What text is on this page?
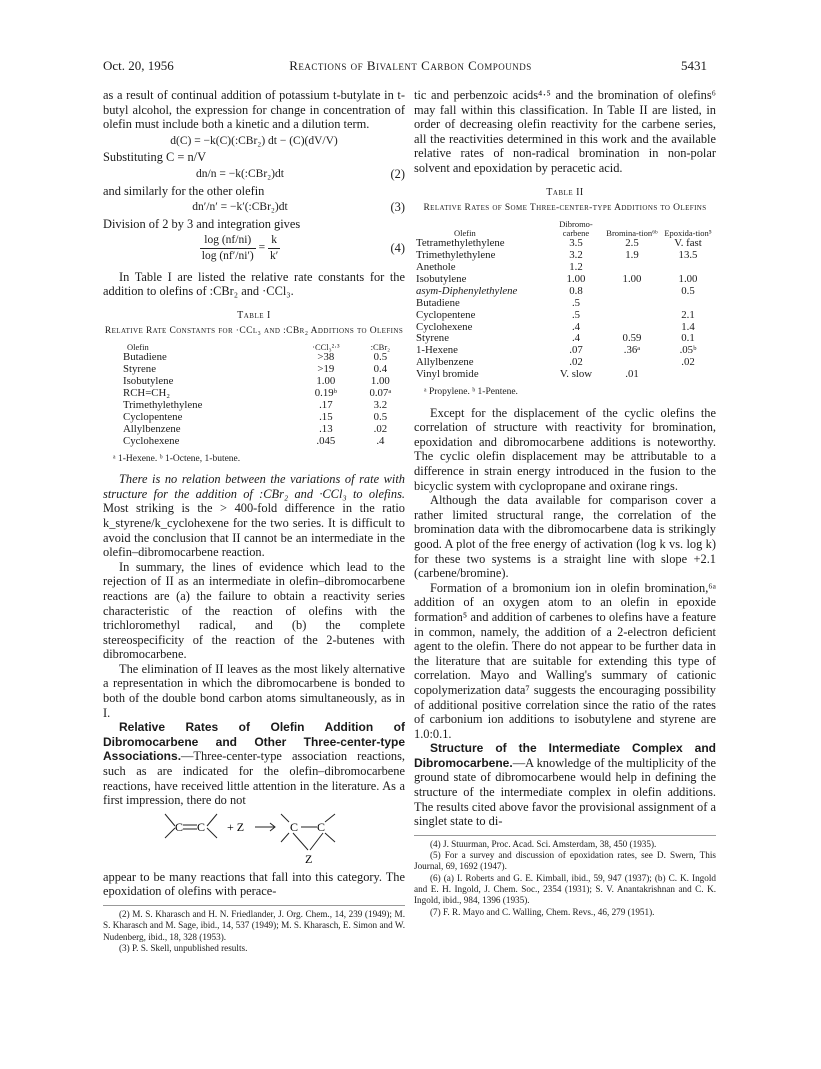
Oct. 20, 1956	Reactions of Bivalent Carbon Compounds	5431

as a result of continual addition of potassium t-butylate in t-butyl alcohol, the expression for change in concentration of olefin must include both a kinetic and a dilution term.

d(C) = −k(C)(:CBr₂) dt − (C)(dV/V)

Substituting C = n/V

dn/n = −k(:CBr₂)dt	(2)

and similarly for the other olefin

dn′/n′ = −k′(:CBr₂)dt	(3)

Division of 2 by 3 and integration gives

$\frac{\log (nf/ni)}{\log (nf'/ni')} = \frac{k}{k'}$	(4)

In Table I are listed the relative rate constants for the addition to olefins of :CBr₂ and ·CCl₃.

Table I
Relative Rate Constants for ·CCl₃ and :CBr₂ Additions to Olefins
Olefin	·CCl₃²·³	:CBr₂
Butadiene	>38	0.5
Styrene	>19	0.4
Isobutylene	1.00	1.00
RCH=CH₂	0.19ᵇ	0.07ᵃ
Trimethylethylene	.17	3.2
Cyclopentene	.15	0.5
Allylbenzene	.13	.02
Cyclohexene	.045	.4
ᵃ 1-Hexene. ᵇ 1-Octene, 1-butene.

There is no relation between the variations of rate with structure for the addition of :CBr₂ and ·CCl₃ to olefins. Most striking is the > 400-fold difference in the ratio k_styrene/k_cyclohexene for the two series. It is difficult to avoid the conclusion that II cannot be an intermediate in the olefin–dibromocarbene reaction.

In summary, the lines of evidence which lead to the rejection of II as an intermediate in olefin–dibromocarbene reactions are (a) the failure to obtain a reactivity series characteristic of the reaction of olefins with the trichloromethyl radical, and (b) the complete stereospecificity of the reaction of the 2-butenes with dibromocarbene.

The elimination of II leaves as the most likely alternative a representation in which the dibromocarbene is bonded to both of the double bond carbon atoms simultaneously, as in I.

Relative Rates of Olefin Addition of Dibromocarbene and Other Three-center-type Associations.—Three-center-type association reactions, such as are indicated for the olefin–dibromocarbene reactions, have received little attention in the literature. As a first impression, there do not

C C + Z	C C
Z

appear to be many reactions that fall into this category. The epoxidation of olefins with perace-

(2) M. S. Kharasch and H. N. Friedlander, J. Org. Chem., 14, 239 (1949); M. S. Kharasch and M. Sage, ibid., 14, 537 (1949); M. S. Kharasch, E. Simon and W. Nudenberg, ibid., 18, 328 (1953).

(3) P. S. Skell, unpublished results.

tic and perbenzoic acids⁴·⁵ and the bromination of olefins⁶ may fall within this classification. In Table II are listed, in order of decreasing olefin reactivity for the carbene series, all the reactivities determined in this work and the available relative rates of non-radical bromination in non-polar solvent and epoxidation by peracetic acid.

Table II
Relative Rates of Some Three-center-type Additions to Olefins
Olefin	Dibromo-carbene	Bromina-tion⁶ᵇ	Epoxida-tion⁵
Tetramethylethylene	3.5	2.5	V. fast
Trimethylethylene	3.2	1.9	13.5
Anethole	1.2		
Isobutylene	1.00	1.00	1.00
asym-Diphenylethylene	0.8		0.5
Butadiene	.5		
Cyclopentene	.5		2.1
Cyclohexene	.4		1.4
Styrene	.4	0.59	0.1
1-Hexene	.07	.36ᵃ	.05ᵇ
Allylbenzene	.02		.02
Vinyl bromide	V. slow	.01	
ᵃ Propylene. ᵇ 1-Pentene.

Except for the displacement of the cyclic olefins the correlation of structure with reactivity for bromination, epoxidation and dibromocarbene additions is noteworthy. The cyclic olefin displacement may be attributable to a difference in strain energy introduced in the fusion to the bicyclic system with cyclopropane and oxirane rings.

Although the data available for comparison cover a rather limited structural range, the correlation of the bromination data with the dibromocarbene data is strikingly good. A plot of the free energy of activation (log k vs. log k) for these two systems is a straight line with slope +2.1 (carbene/bromine).

Formation of a bromonium ion in olefin bromination,⁶ᵃ addition of an oxygen atom to an olefin in epoxide formation⁵ and addition of carbenes to olefins have a feature in common, namely, the addition of a 2-electron deficient agent to the olefin. There do not appear to be further data in the literature that are suitable for extending this type of correlation. Mayo and Walling's summary of cationic copolymerization data⁷ suggests the encouraging possibility of additional positive correlation since the ratio of the rates of carbonium ion additions to isobutylene and styrene are 1.0:0.1.

Structure of the Intermediate Complex and Dibromocarbene.—A knowledge of the multiplicity of the ground state of dibromocarbene would help in defining the structure of the intermediate complex in olefin additions. The results cited above favor the provisional assignment of a singlet state to di-

(4) J. Stuurman, Proc. Acad. Sci. Amsterdam, 38, 450 (1935).

(5) For a survey and discussion of epoxidation rates, see D. Swern, This Journal, 69, 1692 (1947).

(6) (a) I. Roberts and G. E. Kimball, ibid., 59, 947 (1937); (b) C. K. Ingold and E. H. Ingold, J. Chem. Soc., 2354 (1931); S. V. Anantakrishnan and C. K. Ingold, ibid., 984, 1396 (1935).

(7) F. R. Mayo and C. Walling, Chem. Revs., 46, 279 (1951).
